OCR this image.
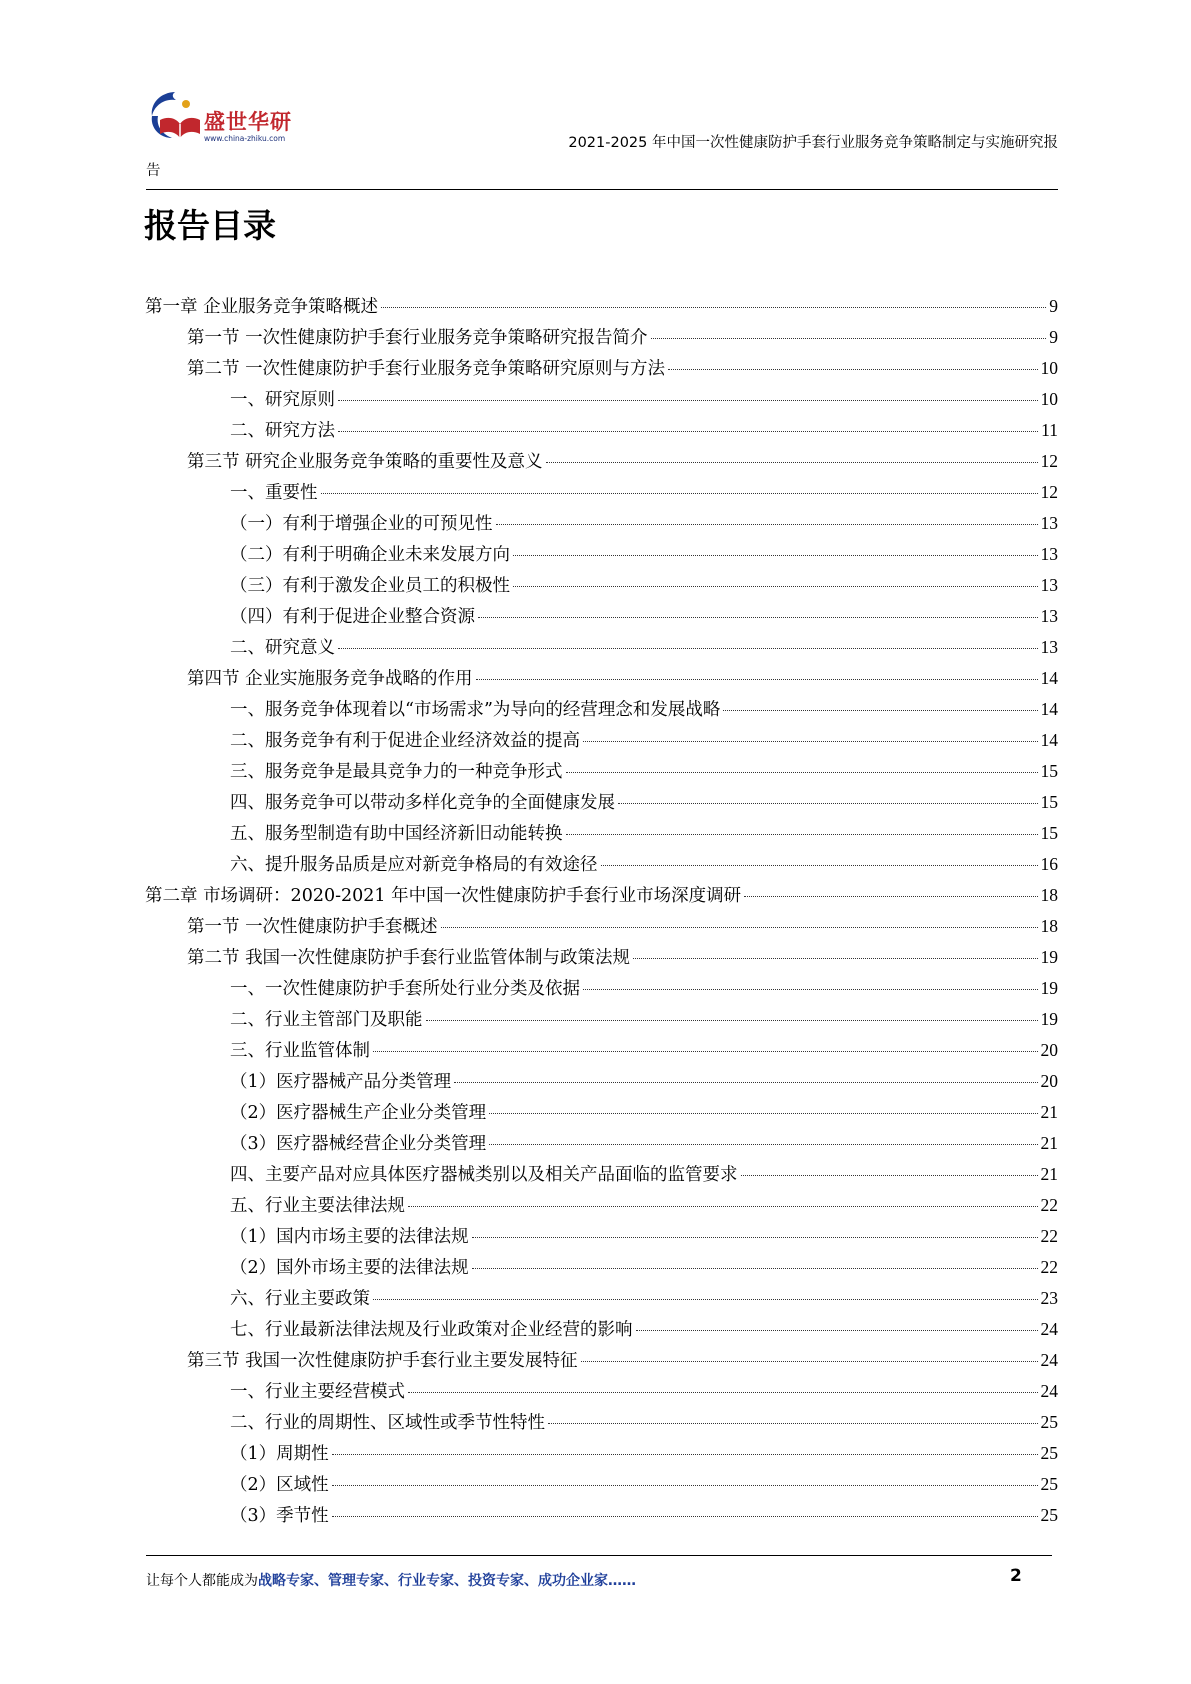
盛世华研
www.china-zhiku.com	2021-2025 年中国一次性健康防护手套行业服务竞争策略制定与实施研究报
告
报告目录
第一章 企业服务竞争策略概述	9
第一节 一次性健康防护手套行业服务竞争策略研究报告简介	9
第二节 一次性健康防护手套行业服务竞争策略研究原则与方法	10
一、研究原则	10
二、研究方法	11
第三节 研究企业服务竞争策略的重要性及意义	12
一、重要性	12
（一）有利于增强企业的可预见性	13
（二）有利于明确企业未来发展方向	13
（三）有利于激发企业员工的积极性	13
（四）有利于促进企业整合资源	13
二、研究意义	13
第四节 企业实施服务竞争战略的作用	14
一、服务竞争体现着以“市场需求”为导向的经营理念和发展战略	14
二、服务竞争有利于促进企业经济效益的提高	14
三、服务竞争是最具竞争力的一种竞争形式	15
四、服务竞争可以带动多样化竞争的全面健康发展	15
五、服务型制造有助中国经济新旧动能转换	15
六、提升服务品质是应对新竞争格局的有效途径	16
第二章 市场调研：2020-2021 年中国一次性健康防护手套行业市场深度调研	18
第一节 一次性健康防护手套概述	18
第二节 我国一次性健康防护手套行业监管体制与政策法规	19
一、一次性健康防护手套所处行业分类及依据	19
二、行业主管部门及职能	19
三、行业监管体制	20
（1）医疗器械产品分类管理	20
（2）医疗器械生产企业分类管理	21
（3）医疗器械经营企业分类管理	21
四、主要产品对应具体医疗器械类别以及相关产品面临的监管要求	21
五、行业主要法律法规	22
（1）国内市场主要的法律法规	22
（2）国外市场主要的法律法规	22
六、行业主要政策	23
七、行业最新法律法规及行业政策对企业经营的影响	24
第三节 我国一次性健康防护手套行业主要发展特征	24
一、行业主要经营模式	24
二、行业的周期性、区域性或季节性特性	25
（1）周期性	25
（2）区域性	25
（3）季节性	25
让每个人都能成为战略专家、管理专家、行业专家、投资专家、成功企业家……	2
